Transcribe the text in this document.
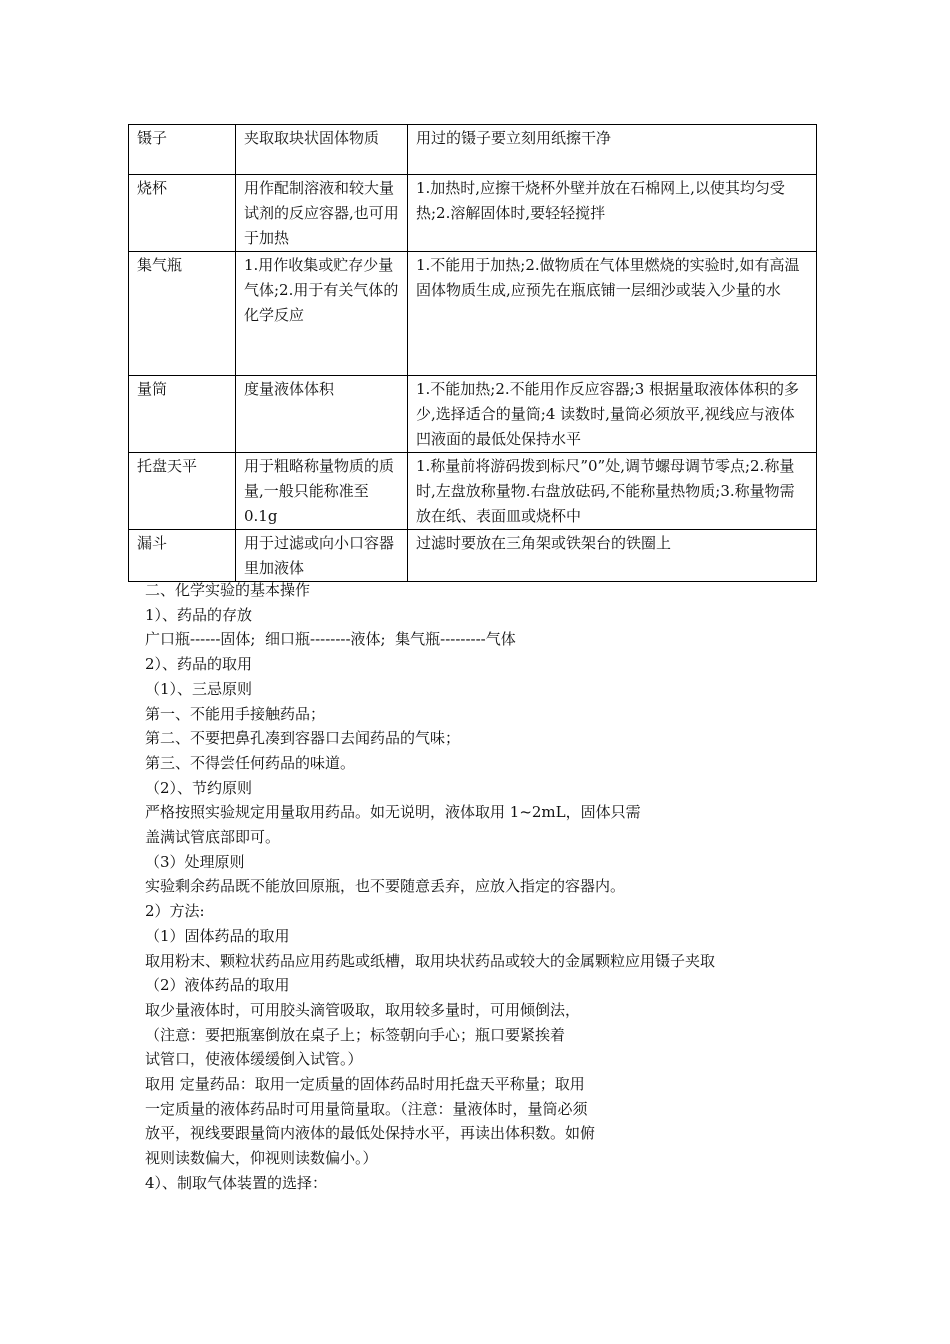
镊子	夹取取块状固体物质	用过的镊子要立刻用纸擦干净
烧杯	用作配制溶液和较大量试剂的反应容器,也可用于加热	1.加热时,应擦干烧杯外壁并放在石棉网上,以使其均匀受热;2.溶解固体时,要轻轻搅拌
集气瓶	1.用作收集或贮存少量气体;2.用于有关气体的化学反应	1.不能用于加热;2.做物质在气体里燃烧的实验时,如有高温固体物质生成,应预先在瓶底铺一层细沙或装入少量的水
量筒	度量液体体积	1.不能加热;2.不能用作反应容器;3 根据量取液体体积的多少,选择适合的量筒;4 读数时,量筒必须放平,视线应与液体凹液面的最低处保持水平
托盘天平	用于粗略称量物质的质量,一般只能称准至0.1g	1.称量前将游码拨到标尺”0”处,调节螺母调节零点;2.称量时,左盘放称量物.右盘放砝码,不能称量热物质;3.称量物需放在纸、表面皿或烧杯中
漏斗	用于过滤或向小口容器里加液体	过滤时要放在三角架或铁架台的铁圈上

二、化学实验的基本操作

1）、药品的存放

广口瓶------固体;  细口瓶--------液体;  集气瓶---------气体

2）、药品的取用

（1）、三忌原则

第一、不能用手接触药品；

第二、不要把鼻孔凑到容器口去闻药品的气味；

第三、不得尝任何药品的味道。

（2）、节约原则

严格按照实验规定用量取用药品。如无说明，液体取用 1~2mL，固体只需

盖满试管底部即可。

（3）处理原则

实验剩余药品既不能放回原瓶，也不要随意丢弃，应放入指定的容器内。

2）方法:

（1）固体药品的取用

取用粉末、颗粒状药品应用药匙或纸槽，取用块状药品或较大的金属颗粒应用镊子夹取

（2）液体药品的取用

取少量液体时，可用胶头滴管吸取，取用较多量时，可用倾倒法，

（注意：要把瓶塞倒放在桌子上；标签朝向手心；瓶口要紧挨着

试管口，使液体缓缓倒入试管。）

取用 定量药品：取用一定质量的固体药品时用托盘天平称量；取用

一定质量的液体药品时可用量筒量取。（注意：量液体时，量筒必须

放平，视线要跟量筒内液体的最低处保持水平，再读出体积数。如俯

视则读数偏大，仰视则读数偏小。）

4）、制取气体装置的选择：
